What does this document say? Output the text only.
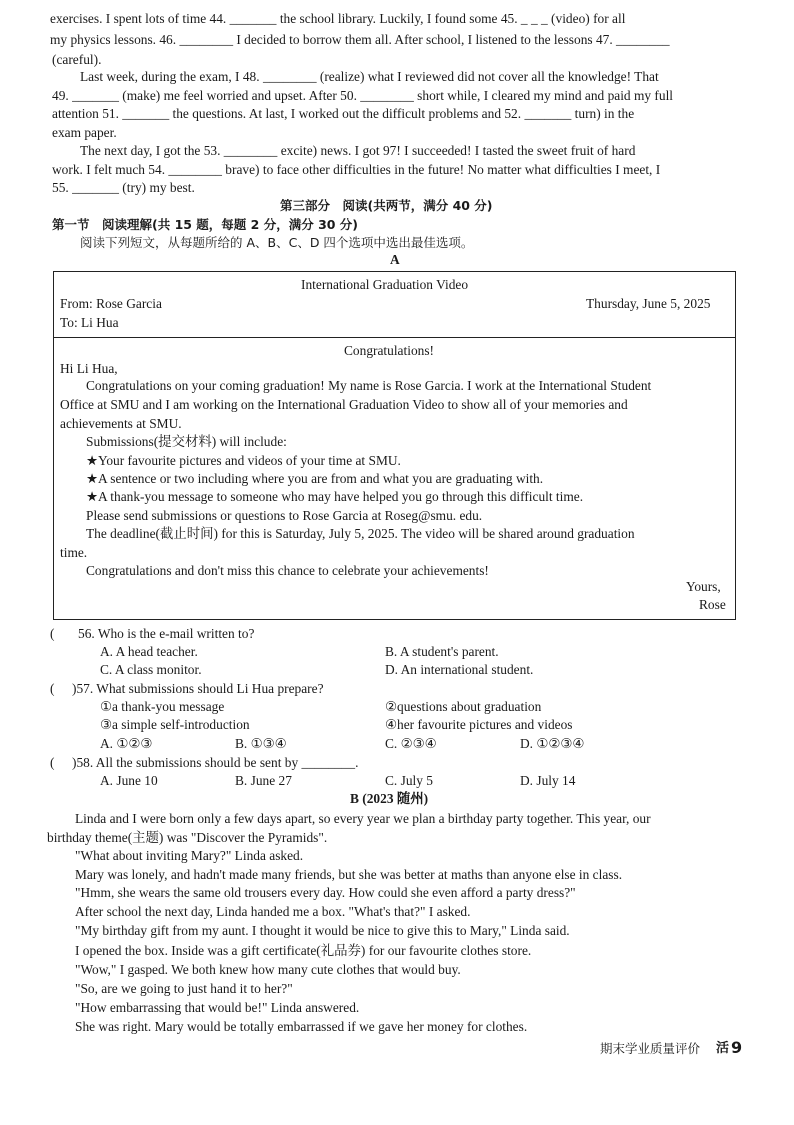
exercises. I spent lots of time 44. _______ the school library. Luckily, I found some 45. _ _ _ (video) for all
my physics lessons. 46. ________ I decided to borrow them all. After school, I listened to the lessons 47. ________
(careful).
Last week, during the exam, I 48. ________ (realize) what I reviewed did not cover all the knowledge! That
49. _______ (make) me feel worried and upset. After 50. ________ short while, I cleared my mind and paid my full
attention 51. _______ the questions. At last, I worked out the difficult problems and 52. _______ turn) in the
exam paper.
The next day, I got the 53. ________ excite) news. I got 97! I succeeded! I tasted the sweet fruit of hard
work. I felt much 54. ________ brave) to face other difficulties in the future! No matter what difficulties I meet, I
55. _______ (try) my best.
第三部分　阅读(共两节，满分 40 分)
第一节　阅读理解(共 15 题，每题 2 分，满分 30 分)
阅读下列短文，从每题所给的 A、B、C、D 四个选项中选出最佳选项。
A
International Graduation Video
From: Rose Garcia	Thursday, June 5, 2025
To: Li Hua
Congratulations!
Hi Li Hua,
Congratulations on your coming graduation! My name is Rose Garcia. I work at the International Student
Office at SMU and I am working on the International Graduation Video to show all of your memories and
achievements at SMU.
Submissions(提交材料) will include:
★Your favourite pictures and videos of your time at SMU.
★A sentence or two including where you are from and what you are graduating with.
★A thank-you message to someone who may have helped you go through this difficult time.
Please send submissions or questions to Rose Garcia at Roseg@smu. edu.
The deadline(截止时间) for this is Saturday, July 5, 2025. The video will be shared around graduation
time.
Congratulations and don't miss this chance to celebrate your achievements!
Yours,
Rose
( 56. Who is the e-mail written to?
A. A head teacher.	B. A student's parent.
C. A class monitor.	D. An international student.
( )57. What submissions should Li Hua prepare?
①a thank-you message	②questions about graduation
③a simple self-introduction	④her favourite pictures and videos
A. ①②③	B. ①③④	C. ②③④	D. ①②③④
( )58. All the submissions should be sent by ________.
A. June 10	B. June 27	C. July 5	D. July 14
B (2023 随州)
Linda and I were born only a few days apart, so every year we plan a birthday party together. This year, our
birthday theme(主题) was "Discover the Pyramids".
"What about inviting Mary?" Linda asked.
Mary was lonely, and hadn't made many friends, but she was better at maths than anyone else in class.
"Hmm, she wears the same old trousers every day. How could she even afford a party dress?"
After school the next day, Linda handed me a box. "What's that?" I asked.
"My birthday gift from my aunt. I thought it would be nice to give this to Mary," Linda said.
I opened the box. Inside was a gift certificate(礼品券) for our favourite clothes store.
"Wow," I gasped. We both knew how many cute clothes that would buy.
"So, are we going to just hand it to her?"
"How embarrassing that would be!" Linda answered.
She was right. Mary would be totally embarrassed if we gave her money for clothes.
期末学业质量评价 活 9
